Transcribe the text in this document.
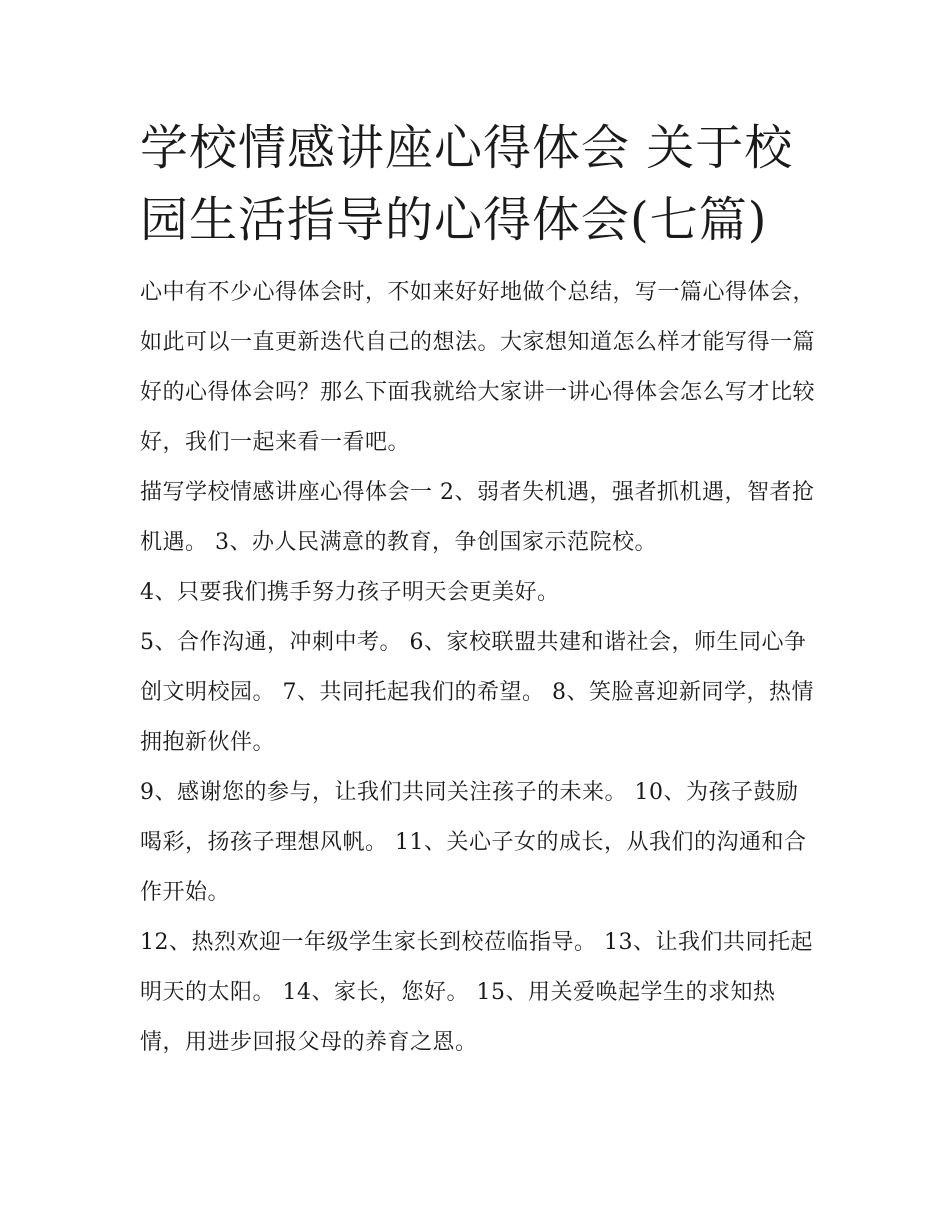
学校情感讲座心得体会 关于校园生活指导的心得体会(七篇)

心中有不少心得体会时，不如来好好地做个总结，写一篇心得体会，如此可以一直更新迭代自己的想法。大家想知道怎么样才能写得一篇好的心得体会吗？那么下面我就给大家讲一讲心得体会怎么写才比较好，我们一起来看一看吧。

描写学校情感讲座心得体会一 2、弱者失机遇，强者抓机遇，智者抢机遇。 3、办人民满意的教育，争创国家示范院校。

4、只要我们携手努力孩子明天会更美好。

5、合作沟通，冲刺中考。 6、家校联盟共建和谐社会，师生同心争创文明校园。 7、共同托起我们的希望。 8、笑脸喜迎新同学，热情拥抱新伙伴。

9、感谢您的参与，让我们共同关注孩子的未来。 10、为孩子鼓励喝彩，扬孩子理想风帆。 11、关心子女的成长，从我们的沟通和合作开始。

12、热烈欢迎一年级学生家长到校莅临指导。 13、让我们共同托起明天的太阳。 14、家长，您好。 15、用关爱唤起学生的求知热情，用进步回报父母的养育之恩。
